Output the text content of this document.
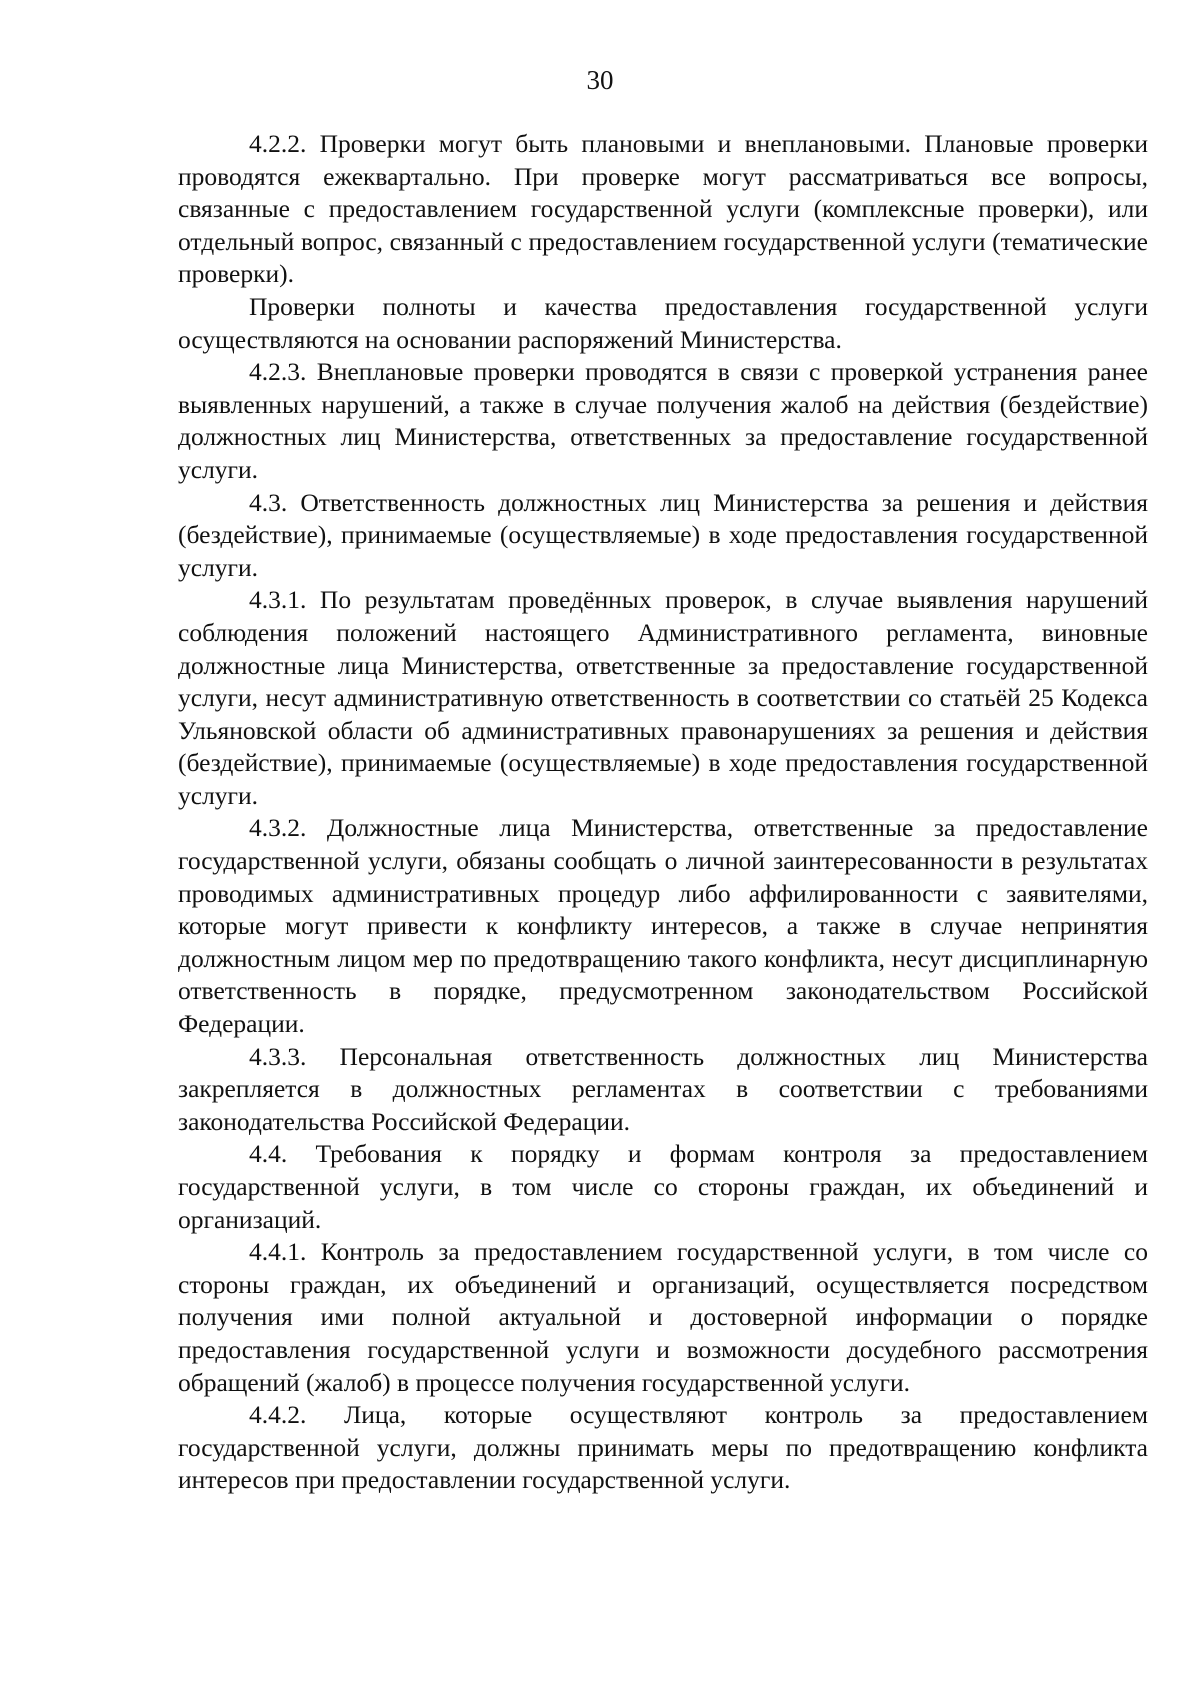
30

4.2.2. Проверки могут быть плановыми и внеплановыми. Плановые проверки проводятся ежеквартально. При проверке могут рассматриваться все вопросы, связанные с предоставлением государственной услуги (комплексные проверки), или отдельный вопрос, связанный с предоставлением государственной услуги (тематические проверки).

Проверки полноты и качества предоставления государственной услуги осуществляются на основании распоряжений Министерства.

4.2.3. Внеплановые проверки проводятся в связи с проверкой устранения ранее выявленных нарушений, а также в случае получения жалоб на действия (бездействие) должностных лиц Министерства, ответственных за предоставление государственной услуги.

4.3. Ответственность должностных лиц Министерства за решения и действия (бездействие), принимаемые (осуществляемые) в ходе предоставления государственной услуги.

4.3.1. По результатам проведённых проверок, в случае выявления нарушений соблюдения положений настоящего Административного регламента, виновные должностные лица Министерства, ответственные за предоставление государственной услуги, несут административную ответственность в соответствии со статьёй 25 Кодекса Ульяновской области об административных правонарушениях за решения и действия (бездействие), принимаемые (осуществляемые) в ходе предоставления государственной услуги.

4.3.2. Должностные лица Министерства, ответственные за предоставление государственной услуги, обязаны сообщать о личной заинтересованности в результатах проводимых административных процедур либо аффилированности с заявителями, которые могут привести к конфликту интересов, а также в случае непринятия должностным лицом мер по предотвращению такого конфликта, несут дисциплинарную ответственность в порядке, предусмотренном законодательством Российской Федерации.

4.3.3. Персональная ответственность должностных лиц Министерства закрепляется в должностных регламентах в соответствии с требованиями законодательства Российской Федерации.

4.4. Требования к порядку и формам контроля за предоставлением государственной услуги, в том числе со стороны граждан, их объединений и организаций.

4.4.1. Контроль за предоставлением государственной услуги, в том числе со стороны граждан, их объединений и организаций, осуществляется посредством получения ими полной актуальной и достоверной информации о порядке предоставления государственной услуги и возможности досудебного рассмотрения обращений (жалоб) в процессе получения государственной услуги.

4.4.2. Лица, которые осуществляют контроль за предоставлением государственной услуги, должны принимать меры по предотвращению конфликта интересов при предоставлении государственной услуги.
